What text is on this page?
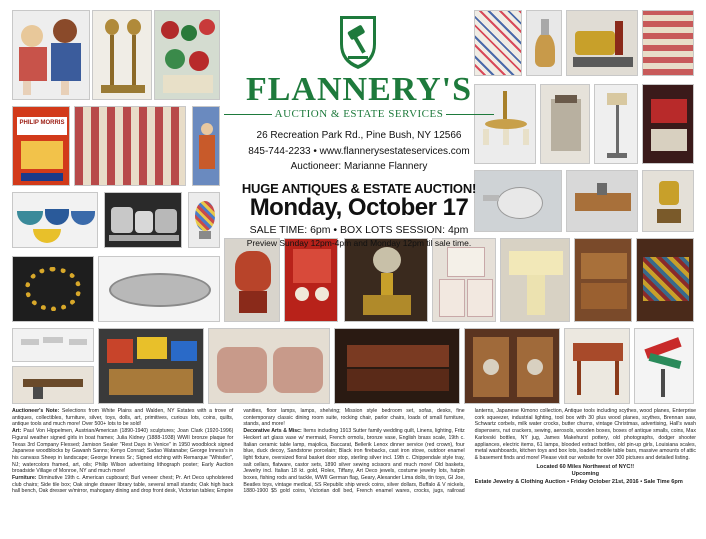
PHILIP MORRIS
FLANNERY'S
AUCTION & ESTATE SERVICES
26 Recreation Park Rd., Pine Bush, NY 12566
845-744-2233 • www.flannerysestateservices.com
Auctioneer: Marianne Flannery
HUGE ANTIQUES & ESTATE AUCTION!
Monday, October 17
SALE TIME: 6pm • BOX LOTS SESSION: 4pm
Preview Sunday 12pm-4pm and Monday 12pm til sale time.

Auctioneer's Note: Selections from White Plains and Walden, NY Estates with a trove of antiques, collectibles, furniture, silver, toys, dolls, art, primitives, curious lots, coins, quilts, antique tools and much more! Over 500+ lots to be sold!

Art: Paul Von Hippelmen, Austrian/American (1890-1940) sculptures; Joan Clark (1920-1996) Figural weather signed girls in boat frames; Julia Kidney (1888-1938) WWII bronze plaque for Texas 3rd Company Flexsed; Jamison Sealer "Rest Days in Venice" in 1950 woodblock signed Japanese woodblocks by Gawanh Sanns; Kenyo Conrad; Sadao Watanabe; George Inness's in his canvass Sheep in landscape; George Inness Sr.; Signed etching with Remarque "Whistler", NJ; watercolors framed, art, oils; Philip Wilson advertising lithograph poster; Early Auction broadside Village of Monroe, NY and much more!

Furniture: Diminutive 19th c. American cupboard; Burl veneer chest; Pr. Art Deco upholstered club chairs; Side tile box; Oak single drawer library table, several small stands; Oak high back hall bench, Oak dresser w/mirror, mahogany dining and drop front desk, Victorian tables; Empire vanities, floor lamps, lamps, shelving; Mission style bedroom set, sofas, desks, fine contemporary classic dining room suite, rocking chair, parlor chairs, loads of small furniture, stands, and more!

Decorative Arts & Misc: Items including 1913 Sutter family wedding quilt, Linens, lighting, Fritz Heckert art glass vase w/ mermaid, French ormolu, bronze vase, English brass scale, 19th c. Italian ceramic table lamp, majolica, Baccarat, Bellerik Lenox dinner service (red crown), four blue, duck decoy, Sandstone porcelain; Black iron firebacks, cast iron stove, outdoor enamel light fixture, oversized floral basket door stop, sterling silver incl. 19th c. Chippendale style tray, salt cellars, flatware, castor sets, 1890 silver sewing scissors and much more! Old baskets, Jewelry incl. Italian 18 kt. gold, Rolex, Tiffany, Art Deco jewels, costume jewelry lots, hatpin boxes, fishing rods and tackle, WWII German flag, Geary, Alexander Lima dolls, tin toys, GI Joe, Beatles toys, vintage medical, SS Republic ship wreck coins, silver dollars, Buffalo & V nickels, 1880-1900 $5 gold coins, Victorian doll bed, French enamel wares, crocks, jugs, railroad lanterns, Japanese Kimono collection, Antique tools including scythes, wood planes, Enterprise cork squeezer, industrial lighting, tool box with 30 plus wood planes, scythes, Brennan saw, Schwartz corbels, milk water crocks, butter churns, vintage Christmas, advertising, Hall's wash dispensers, nut crackers, sewing, aerosols, wooden boxes, boxes of antique smalls, coins, Max Karlovski bottles, NY jug, James Makehurst pottery, old photographs, dodger shooter appliances, electric items, 61 lamps, blooded extract bottles, old pin-up girls, Louisiana scales, metal washboards, kitchen toys and box lots, loaded mobile table bars, massive amounts of attic & basement finds and more! Please visit our website for over 300 pictures and detailed listing.

Located 60 Miles Northwest of NYC!!
Upcoming
Estate Jewelry & Clothing Auction • Friday October 21st, 2016 • Sale Time 6pm
